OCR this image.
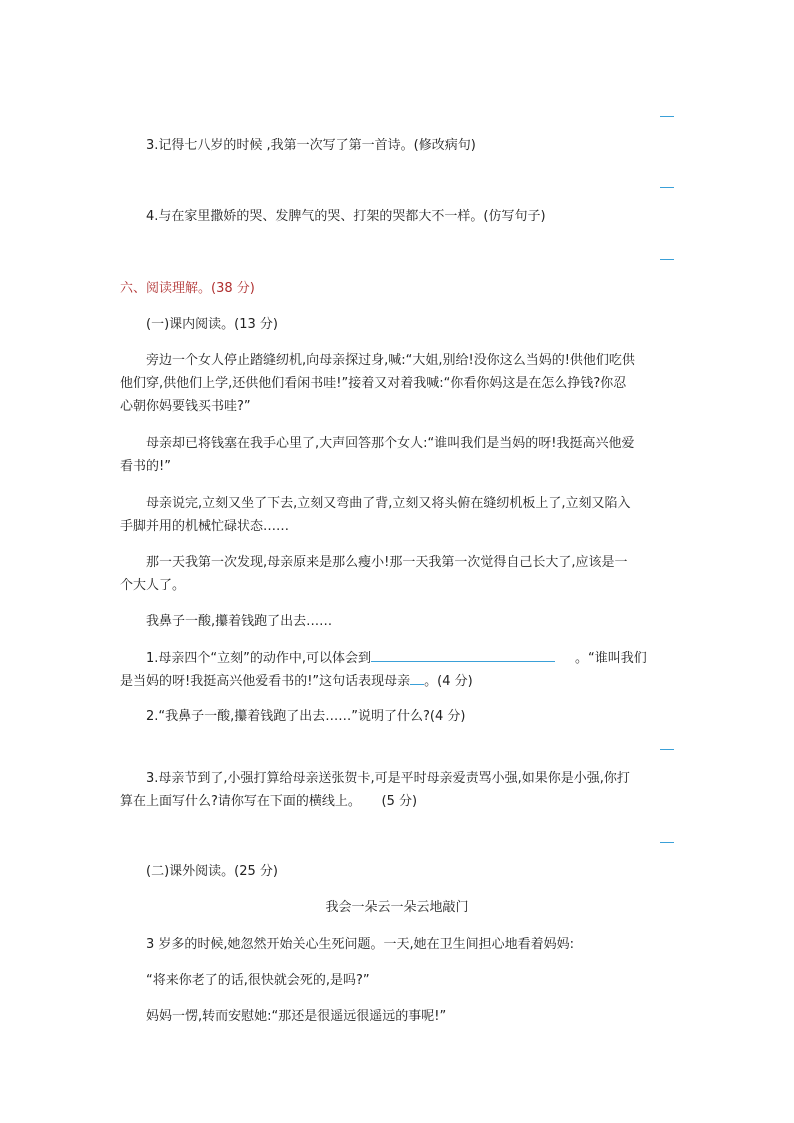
3.记得七八岁的时候 ,我第一次写了第一首诗。(修改病句)
4.与在家里撒娇的哭、发脾气的哭、打架的哭都大不一样。(仿写句子)
六、阅读理解。(38 分)
(一)课内阅读。(13 分)
旁边一个女人停止踏缝纫机,向母亲探过身,喊:“大姐,别给!没你这么当妈的!供他们吃供
他们穿,供他们上学,还供他们看闲书哇!”接着又对着我喊:“你看你妈这是在怎么挣钱?你忍
心朝你妈要钱买书哇?”
母亲却已将钱塞在我手心里了,大声回答那个女人:“谁叫我们是当妈的呀!我挺高兴他爱
看书的!”
母亲说完,立刻又坐了下去,立刻又弯曲了背,立刻又将头俯在缝纫机板上了,立刻又陷入
手脚并用的机械忙碌状态……
那一天我第一次发现,母亲原来是那么瘦小!那一天我第一次觉得自己长大了,应该是一
个大人了。
我鼻子一酸,攥着钱跑了出去……
1.母亲四个“立刻”的动作中,可以体会到	。“谁叫我们
是当妈的呀!我挺高兴他爱看书的!”这句话表现母亲 。(4 分)
2.“我鼻子一酸,攥着钱跑了出去……”说明了什么?(4 分)
3.母亲节到了,小强打算给母亲送张贺卡,可是平时母亲爱责骂小强,如果你是小强,你打
算在上面写什么?请你写在下面的横线上。     (5 分)
(二)课外阅读。(25 分)
我会一朵云一朵云地敲门
3 岁多的时候,她忽然开始关心生死问题。一天,她在卫生间担心地看着妈妈:
“将来你老了的话,很快就会死的,是吗?”
妈妈一愣,转而安慰她:“那还是很遥远很遥远的事呢!”
